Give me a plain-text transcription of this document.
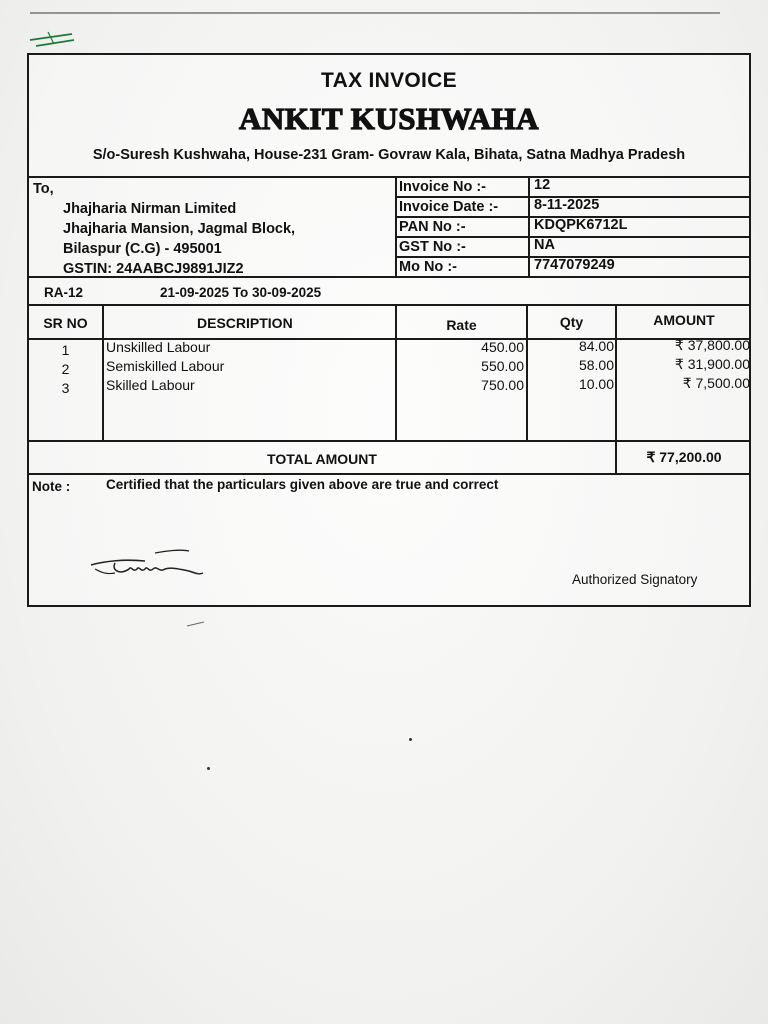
TAX INVOICE
ANKIT KUSHWAHA
S/o-Suresh Kushwaha, House-231 Gram- Govraw Kala, Bihata, Satna Madhya Pradesh
To,
Jhajharia Nirman Limited
Jhajharia Mansion, Jagmal Block,
Bilaspur (C.G) - 495001
GSTIN: 24AABCJ9891JIZ2
Invoice No :-	12
Invoice Date :- 8-11-2025
PAN No :-	KDQPK6712L
GST No :-	NA
Mo No :-	7747079249
RA-12	21-09-2025 To 30-09-2025
SR NO	DESCRIPTION	Rate	Qty	AMOUNT
1	Unskilled Labour	450.00	84.00	₹ 37,800.00
2	Semiskilled Labour	550.00	58.00	₹ 31,900.00
3	Skilled Labour	750.00	10.00	₹ 7,500.00
TOTAL AMOUNT	₹ 77,200.00
Note :	Certified that the particulars given above are true and correct
Authorized Signatory
